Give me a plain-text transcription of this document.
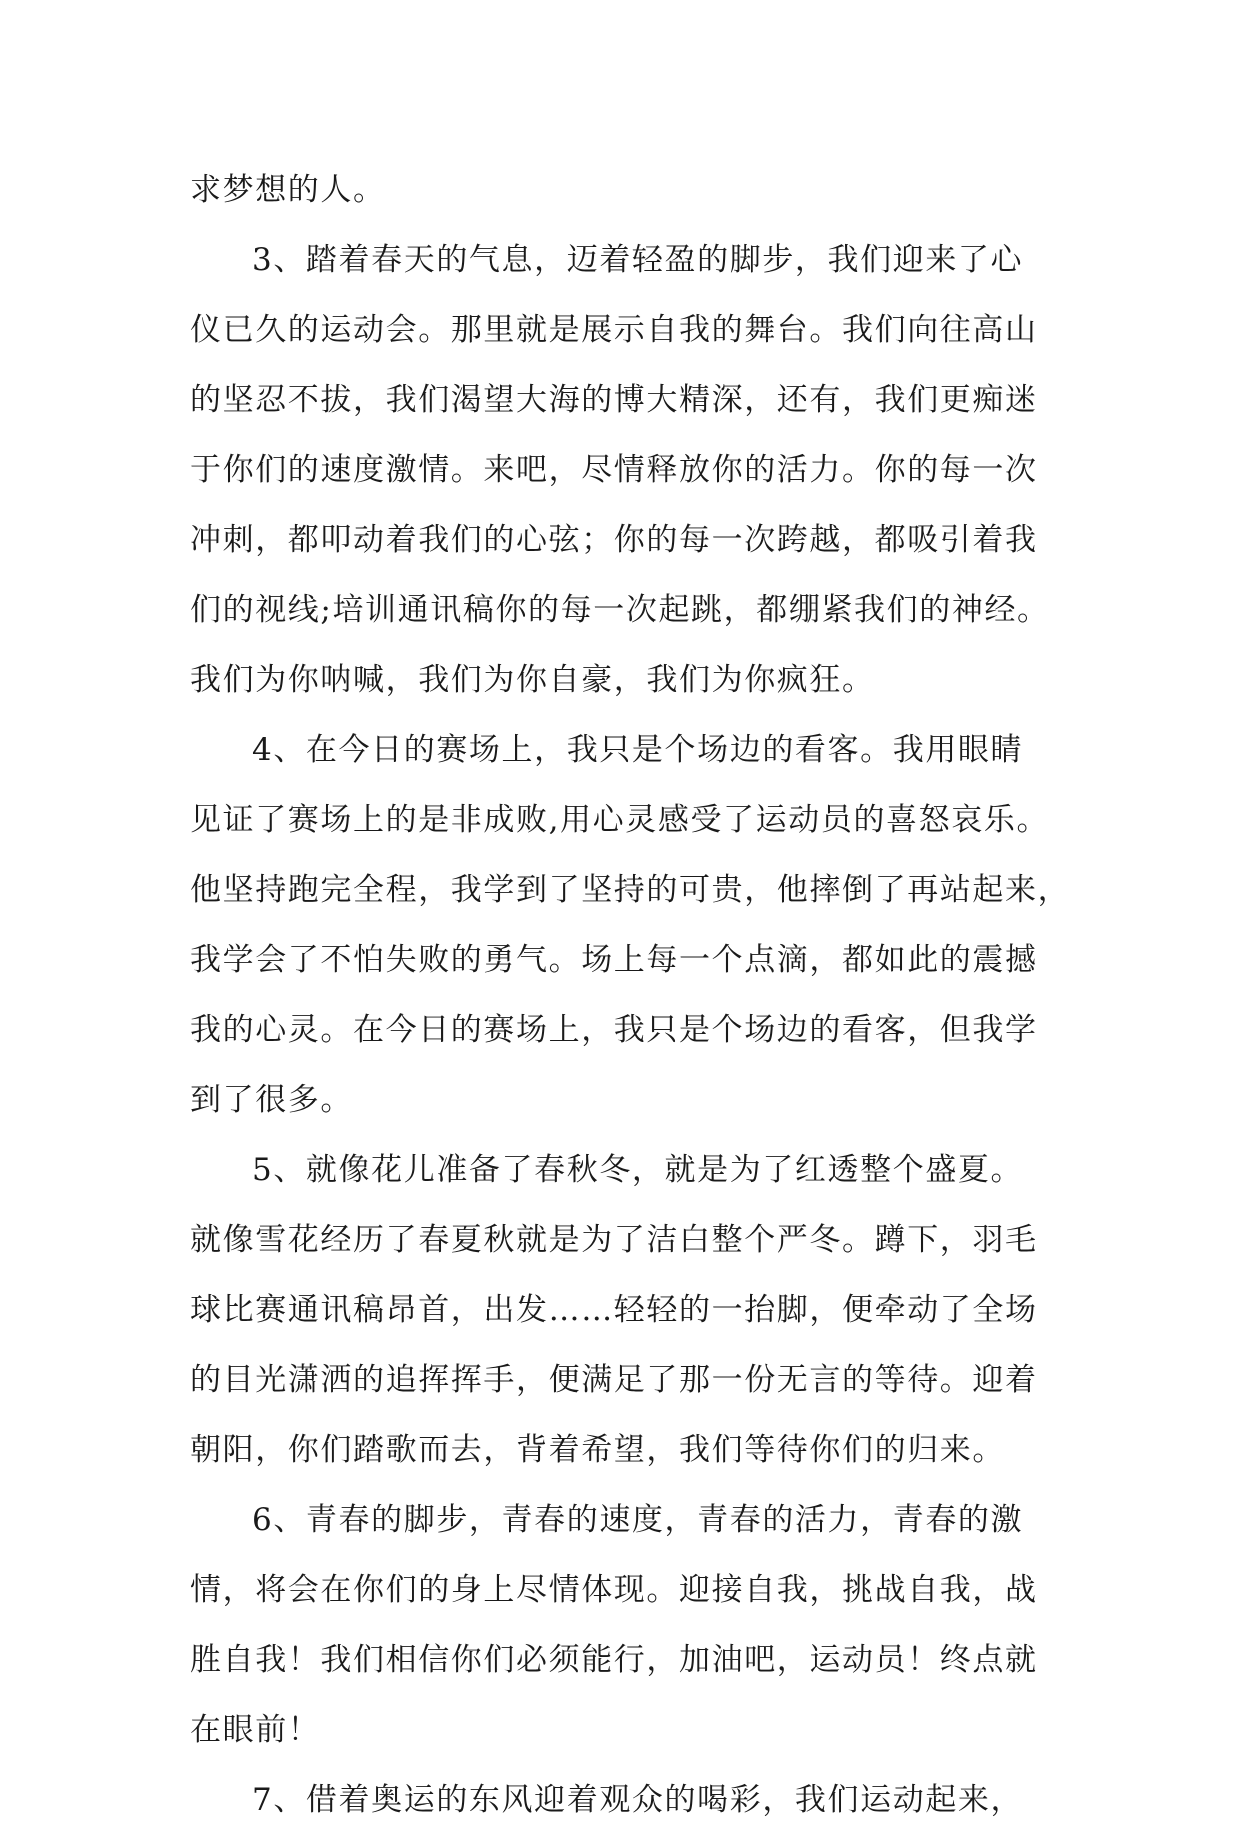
求梦想的人。
3、踏着春天的气息，迈着轻盈的脚步，我们迎来了心
仪已久的运动会。那里就是展示自我的舞台。我们向往高山
的坚忍不拔，我们渴望大海的博大精深，还有，我们更痴迷
于你们的速度激情。来吧，尽情释放你的活力。你的每一次
冲刺，都叩动着我们的心弦；你的每一次跨越，都吸引着我
们的视线;培训通讯稿你的每一次起跳，都绷紧我们的神经。
我们为你呐喊，我们为你自豪，我们为你疯狂。
4、在今日的赛场上，我只是个场边的看客。我用眼睛
见证了赛场上的是非成败,用心灵感受了运动员的喜怒哀乐。
他坚持跑完全程，我学到了坚持的可贵，他摔倒了再站起来，
我学会了不怕失败的勇气。场上每一个点滴，都如此的震撼
我的心灵。在今日的赛场上，我只是个场边的看客，但我学
到了很多。
5、就像花儿准备了春秋冬，就是为了红透整个盛夏。
就像雪花经历了春夏秋就是为了洁白整个严冬。蹲下，羽毛
球比赛通讯稿昂首，出发……轻轻的一抬脚，便牵动了全场
的目光潇洒的追挥挥手，便满足了那一份无言的等待。迎着
朝阳，你们踏歌而去，背着希望，我们等待你们的归来。
6、青春的脚步，青春的速度，青春的活力，青春的激
情，将会在你们的身上尽情体现。迎接自我，挑战自我，战
胜自我！我们相信你们必须能行，加油吧，运动员！终点就
在眼前！
7、借着奥运的东风迎着观众的喝彩，我们运动起来，
